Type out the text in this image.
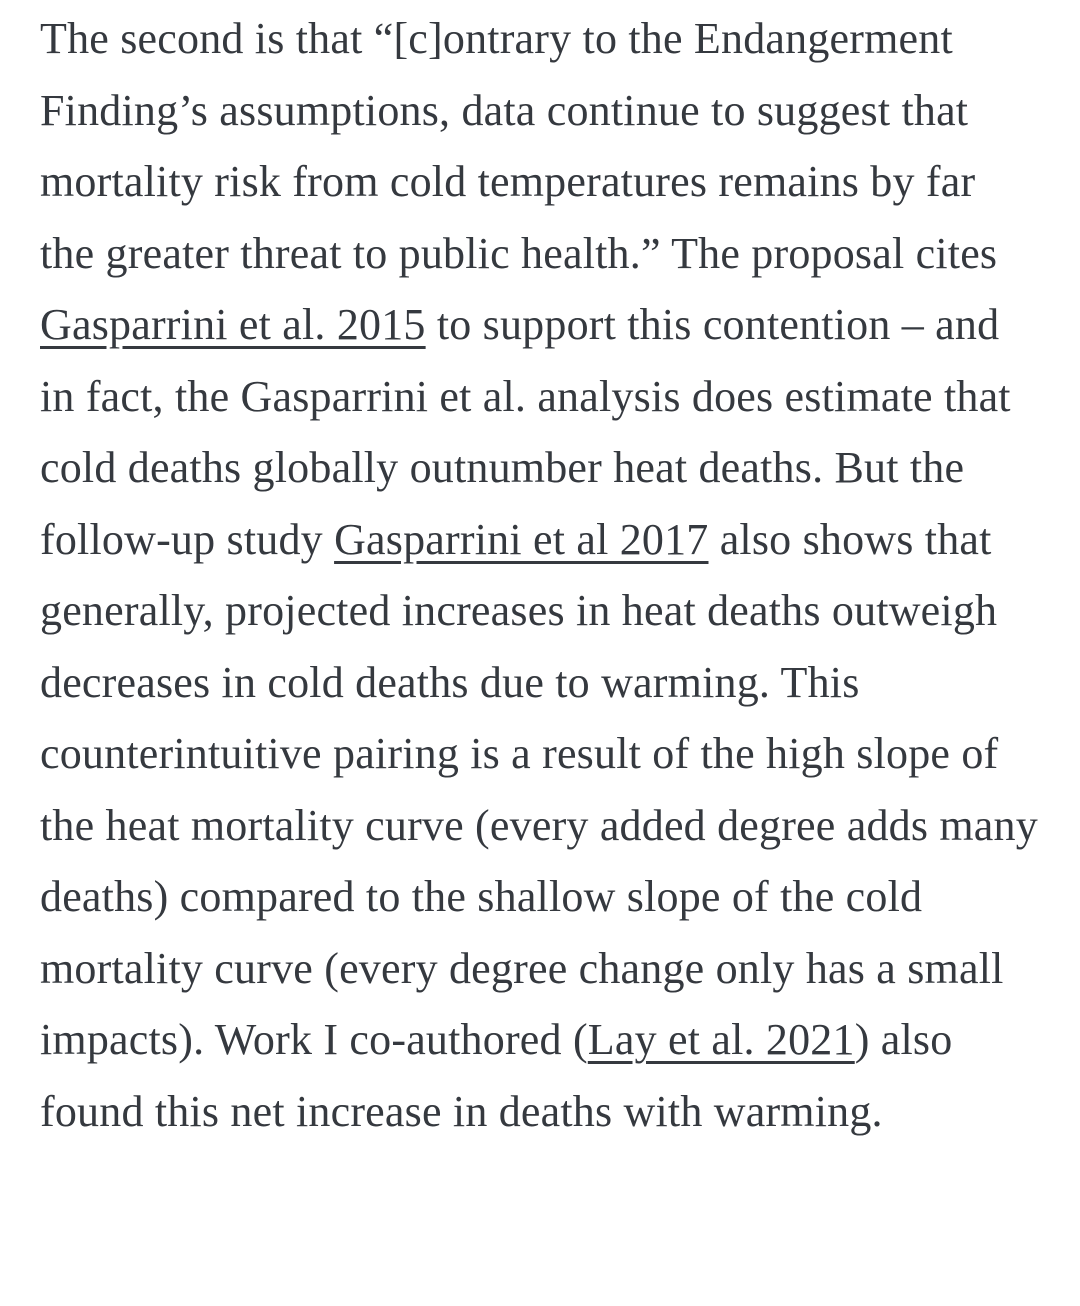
The second is that “[c]ontrary to the Endangerment Finding’s assumptions, data continue to suggest that mortality risk from cold temperatures remains by far the greater threat to public health.” The proposal cites Gasparrini et al. 2015 to support this contention – and in fact, the Gasparrini et al. analysis does estimate that cold deaths globally outnumber heat deaths. But the follow-up study Gasparrini et al 2017 also shows that generally, projected increases in heat deaths outweigh decreases in cold deaths due to warming. This counterintuitive pairing is a result of the high slope of the heat mortality curve (every added degree adds many deaths) compared to the shallow slope of the cold mortality curve (every degree change only has a small impacts). Work I co-authored (Lay et al. 2021) also found this net increase in deaths with warming.
